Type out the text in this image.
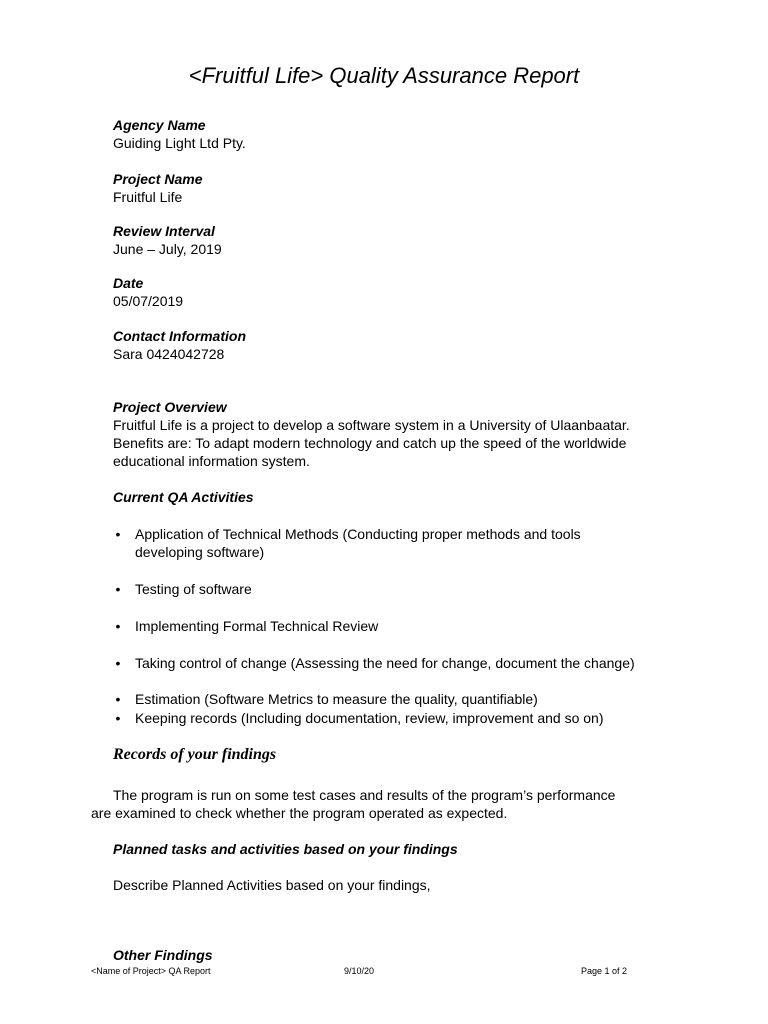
<Fruitful Life> Quality Assurance Report
Agency Name
Guiding Light Ltd Pty.
Project Name
Fruitful Life
Review Interval
June – July, 2019
Date
05/07/2019
Contact Information
Sara 0424042728
Project Overview
Fruitful Life is a project to develop a software system in a University of Ulaanbaatar.
Benefits are: To adapt modern technology and catch up the speed of the worldwide
educational information system.
Current QA Activities
• Application of Technical Methods (Conducting proper methods and tools
developing software)
• Testing of software
• Implementing Formal Technical Review
• Taking control of change (Assessing the need for change, document the change)
• Estimation (Software Metrics to measure the quality, quantifiable)
• Keeping records (Including documentation, review, improvement and so on)
Records of your findings
The program is run on some test cases and results of the program’s performance
are examined to check whether the program operated as expected.
Planned tasks and activities based on your findings
Describe Planned Activities based on your findings,
Other Findings
<Name of Project> QA Report	9/10/20	Page 1 of 2
